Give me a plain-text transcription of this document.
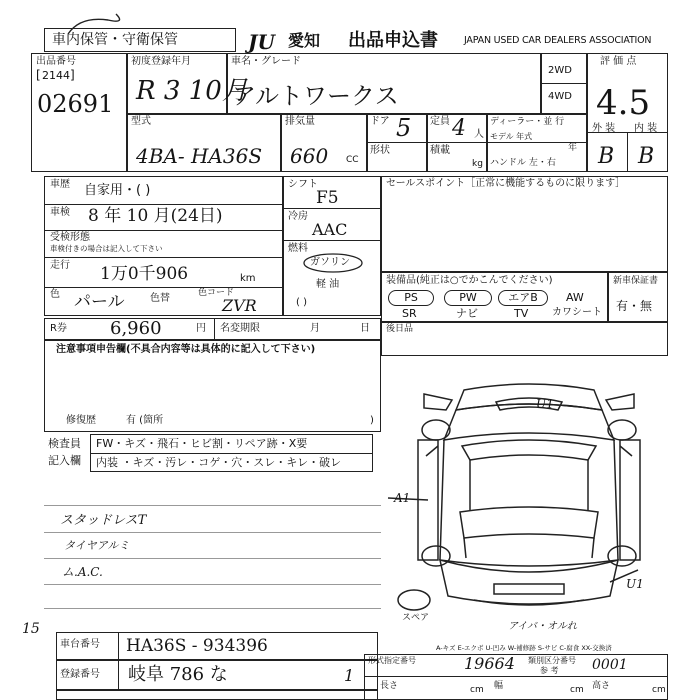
車内保管・守衛保管	JU 愛知 出品申込書	JAPAN USED CAR DEALERS ASSOCIATION
出品番号
2144
[ ]
02691
初度登録年月
R 3 10月
型式
4BA- HA36S
車名・グレード
アルトワークス
2WD
4WD
排気量
660 CC
ドア 5 定員 4 人
形状	積載
kg
ディーラー・並 行
モデル 年式
年
ハンドル 左・右
評 価 点
4.5
外 装 内 装
B B
車歴 自家用・( )
車検 8 年 10 月(24日)
受検形態
車検付きの場合は記入して下さい
走行 1万0千906	km
色 パール	色替	色コード
ZVR
シフト
F5
冷房
AAC
燃料
ガソリン
軽 油
( )
セールスポイント［正常に機能するものに限ります］
装備品(純正は○でかこんでください)
PS	PW	エアB	AW
SR	ナビ	TV カワシート
新車保証書
有・無
後日品
R券 6,960	円 名変期限	月	日
注意事項申告欄(不具合内容等は具体的に記入して下さい)
修復歴	有 (箇所	)
検査員
記入欄
FW・キズ・飛石・ヒビ割・リペア跡・X要
内装 ・キズ・汚レ・コゲ・穴・スレ・キレ・破レ
スタッドレスT
タイヤアルミ
ム.A.C.
15
U1
A1
U1
スペア
アイバ・オルれ
車台番号 HA36S - 934396
登録番号 岐阜 786 な	1
A-キズ E-エクボ U-凹み W-補修跡 S-サビ C-腐食 XX-交換済
形式指定番号	19664 類別区分番号 0001
参 考
長さ	cm 幅	cm 高さ	cm
